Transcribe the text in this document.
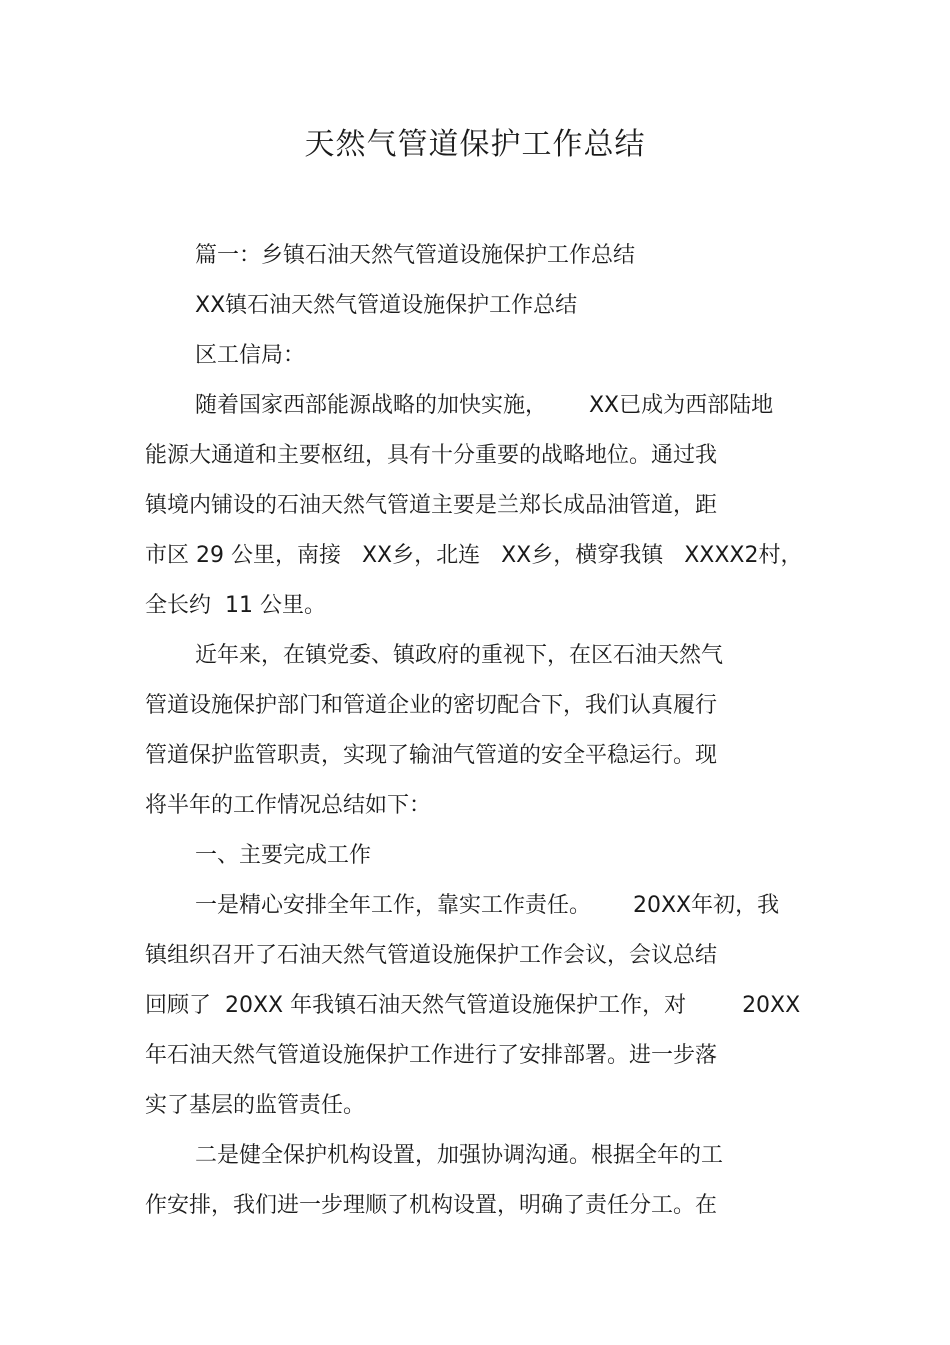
天然气管道保护工作总结
篇一：乡镇石油天然气管道设施保护工作总结
XX镇石油天然气管道设施保护工作总结
区工信局：
随着国家西部能源战略的加快实施，      XX已成为西部陆地
能源大通道和主要枢纽，具有十分重要的战略地位。通过我
镇境内铺设的石油天然气管道主要是兰郑长成品油管道，距
市区 29 公里，南接   XX乡，北连   XX乡，横穿我镇   XXXX2村，
全长约  11 公里。
近年来，在镇党委、镇政府的重视下，在区石油天然气
管道设施保护部门和管道企业的密切配合下，我们认真履行
管道保护监管职责，实现了输油气管道的安全平稳运行。现
将半年的工作情况总结如下：
一、主要完成工作
一是精心安排全年工作，靠实工作责任。      20XX年初，我
镇组织召开了石油天然气管道设施保护工作会议，会议总结
回顾了  20XX 年我镇石油天然气管道设施保护工作，对        20XX
年石油天然气管道设施保护工作进行了安排部署。进一步落
实了基层的监管责任。
二是健全保护机构设置，加强协调沟通。根据全年的工
作安排，我们进一步理顺了机构设置，明确了责任分工。在
